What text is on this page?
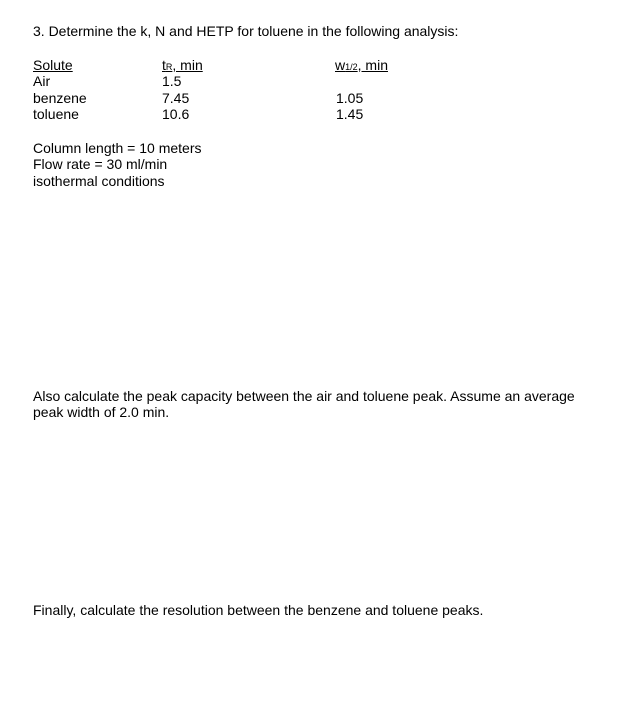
3. Determine the k, N and HETP for toluene in the following analysis:
Solute	tR, min	w1/2, min
Air	1.5
benzene	7.45	1.05
toluene	10.6	1.45
Column length = 10 meters
Flow rate = 30 ml/min
isothermal conditions
Also calculate the peak capacity between the air and toluene peak. Assume an average
peak width of 2.0 min.
Finally, calculate the resolution between the benzene and toluene peaks.
